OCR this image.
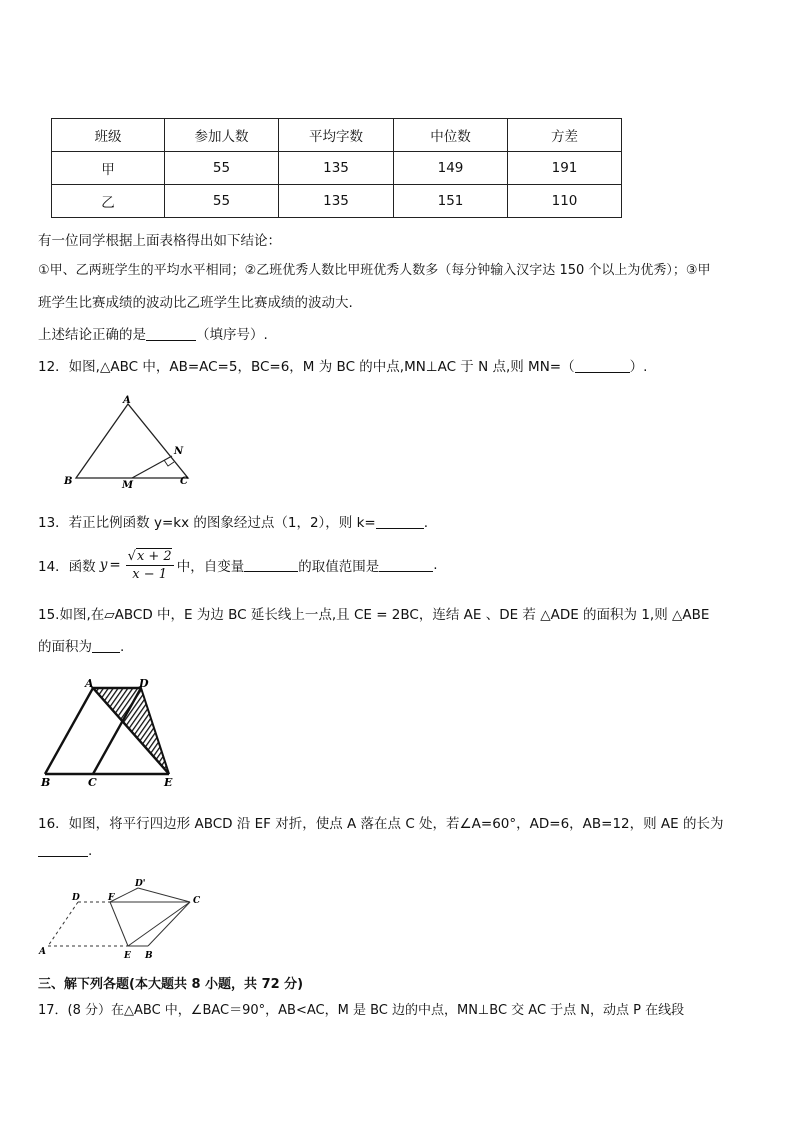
班级	参加人数	平均字数	中位数	方差
甲	55	135	149	191
乙	55	135	151	110
有一位同学根据上面表格得出如下结论：
①甲、乙两班学生的平均水平相同；②乙班优秀人数比甲班优秀人数多（每分钟输入汉字达 150 个以上为优秀）；③甲
班学生比赛成绩的波动比乙班学生比赛成绩的波动大.
上述结论正确的是	（填序号）.
12．如图,△ABC 中，AB=AC=5，BC=6，M 为 BC 的中点,MN⊥AC 于 N 点,则 MN=（	）.
A
B	C
M
N
13．若正比例函数 y=kx 的图象经过点（1，2），则 k=	.
14．函数 $y = \frac{√x + 2}{x - 1}$ 中，自变量	的取值范围是	.
15.如图,在▱ABCD 中，E 为边 BC 延长线上一点,且 CE = 2BC，连结 AE 、DE 若 △ADE 的面积为 1,则 △ABE
的面积为 .
A	D
B	C	E
16．如图，将平行四边形 ABCD 沿 EF 对折，使点 A 落在点 C 处，若∠A=60°，AD=6，AB=12，则 AE 的长为
.
D	F
D'
C
A	E B
三、解下列各题(本大题共 8 小题，共 72 分)
17．(8 分）在△ABC 中，∠BAC＝90°，AB<AC，M 是 BC 边的中点，MN⊥BC 交 AC 于点 N，动点 P 在线段
